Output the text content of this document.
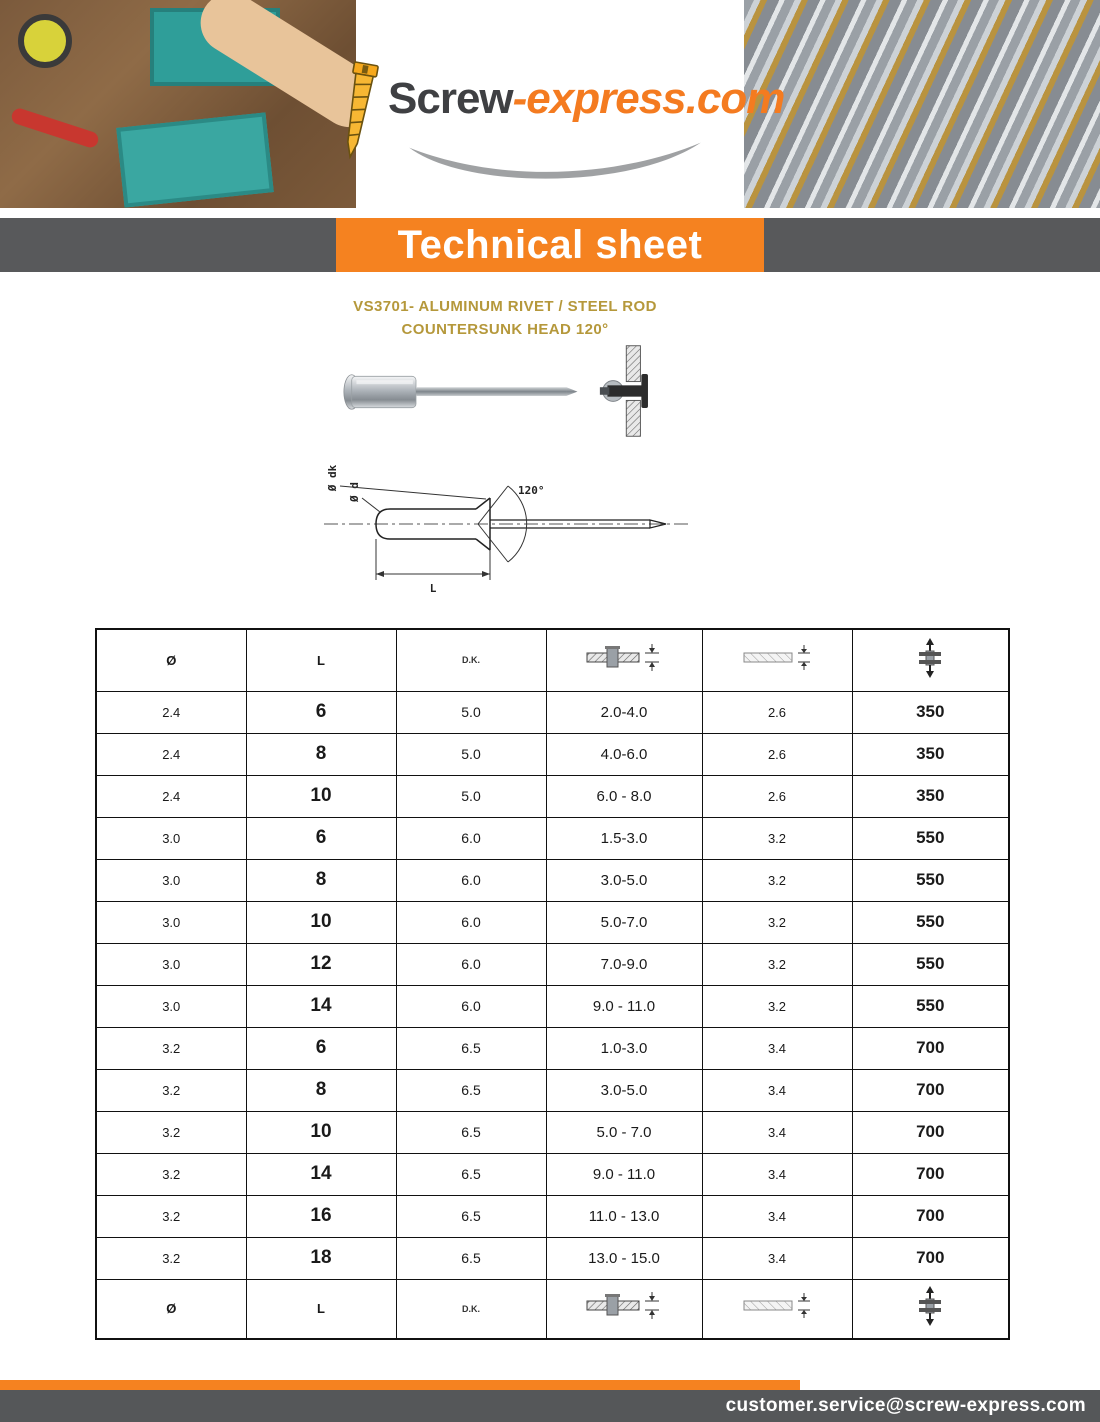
Screw-express.com
Technical sheet
VS3701- ALUMINUM RIVET / STEEL ROD
COUNTERSUNK HEAD 120°
Ø d
Ø dk
L
120°
Ø	L	D.K.			
2.4	6	5.0	2.0-4.0	2.6	350
2.4	8	5.0	4.0-6.0	2.6	350
2.4	10	5.0	6.0 - 8.0	2.6	350
3.0	6	6.0	1.5-3.0	3.2	550
3.0	8	6.0	3.0-5.0	3.2	550
3.0	10	6.0	5.0-7.0	3.2	550
3.0	12	6.0	7.0-9.0	3.2	550
3.0	14	6.0	9.0 - 11.0	3.2	550
3.2	6	6.5	1.0-3.0	3.4	700
3.2	8	6.5	3.0-5.0	3.4	700
3.2	10	6.5	5.0 - 7.0	3.4	700
3.2	14	6.5	9.0 - 11.0	3.4	700
3.2	16	6.5	11.0 - 13.0	3.4	700
3.2	18	6.5	13.0 - 15.0	3.4	700
Ø	L	D.K.			
customer.service@screw-express.com
